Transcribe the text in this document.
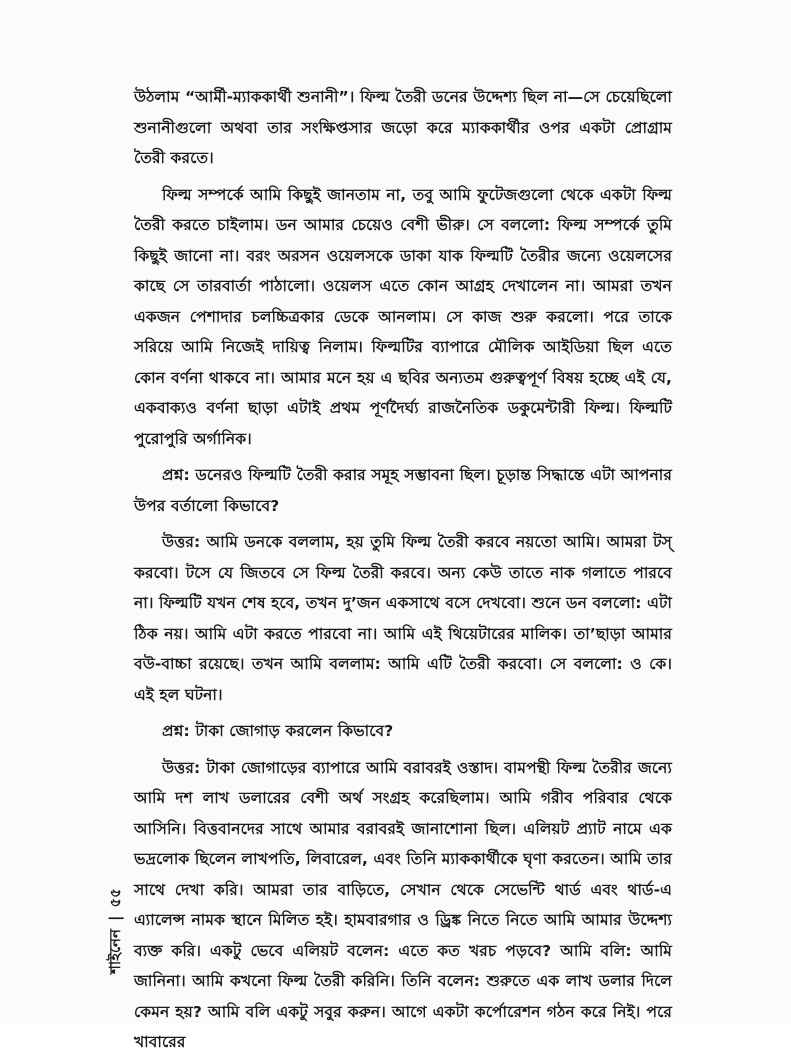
উঠলাম “আর্মী-ম্যাককার্থী শুনানী”। ফিল্ম তৈরী ডনের উদ্দেশ্য ছিল না—সে চেয়েছিলো শুনানীগুলো অথবা তার সংক্ষিপ্তসার জড়ো করে ম্যাককার্থীর ওপর একটা প্রোগ্রাম তৈরী করতে।

ফিল্ম সম্পর্কে আমি কিছুই জানতাম না, তবু আমি ফুটেজগুলো থেকে একটা ফিল্ম তৈরী করতে চাইলাম। ডন আমার চেয়েও বেশী ভীরু। সে বললো: ফিল্ম সম্পর্কে তুমি কিছুই জানো না। বরং অরসন ওয়েলসকে ডাকা যাক ফিল্মটি তৈরীর জন্যে ওয়েলসের কাছে সে তারবার্তা পাঠালো। ওয়েলস এতে কোন আগ্রহ দেখালেন না। আমরা তখন একজন পেশাদার চলচ্চিত্রকার ডেকে আনলাম। সে কাজ শুরু করলো। পরে তাকে সরিয়ে আমি নিজেই দায়িত্ব নিলাম। ফিল্মটির ব্যাপারে মৌলিক আইডিয়া ছিল এতে কোন বর্ণনা থাকবে না। আমার মনে হয় এ ছবির অন্যতম গুরুত্বপূর্ণ বিষয় হচ্ছে এই যে, একবাক্যও বর্ণনা ছাড়া এটাই প্রথম পূর্ণদৈর্ঘ্য রাজনৈতিক ডকুমেন্টারী ফিল্ম। ফিল্মটি পুরোপুরি অর্গানিক।

প্রশ্ন: ডনেরও ফিল্মটি তৈরী করার সমূহ সম্ভাবনা ছিল। চূড়ান্ত সিদ্ধান্তে এটা আপনার উপর বর্তালো কিভাবে?

উত্তর: আমি ডনকে বললাম, হয় তুমি ফিল্ম তৈরী করবে নয়তো আমি। আমরা টস্ করবো। টসে যে জিতবে সে ফিল্ম তৈরী করবে। অন্য কেউ তাতে নাক গলাতে পারবে না। ফিল্মটি যখন শেষ হবে, তখন দু’জন একসাথে বসে দেখবো। শুনে ডন বললো: এটা ঠিক নয়। আমি এটা করতে পারবো না। আমি এই থিয়েটারের মালিক। তা’ছাড়া আমার বউ-বাচ্চা রয়েছে। তখন আমি বললাম: আমি এটি তৈরী করবো। সে বললো: ও কে। এই হল ঘটনা।

প্রশ্ন: টাকা জোগাড় করলেন কিভাবে?

উত্তর: টাকা জোগাড়ের ব্যাপারে আমি বরাবরই ওস্তাদ। বামপন্থী ফিল্ম তৈরীর জন্যে আমি দশ লাখ ডলারের বেশী অর্থ সংগ্রহ করেছিলাম। আমি গরীব পরিবার থেকে আসিনি। বিত্তবানদের সাথে আমার বরাবরই জানাশোনা ছিল। এলিয়ট প্র্যাট নামে এক ভদ্রলোক ছিলেন লাখপতি, লিবারেল, এবং তিনি ম্যাককার্থীকে ঘৃণা করতেন। আমি তার সাথে দেখা করি। আমরা তার বাড়িতে, সেখান থেকে সেভেন্টি থার্ড এবং থার্ড-এ এ্যালেন্স নামক স্থানে মিলিত হই। হামবারগার ও ড্রিঙ্ক নিতে নিতে আমি আমার উদ্দেশ্য ব্যক্ত করি। একটু ভেবে এলিয়ট বলেন: এতে কত খরচ পড়বে? আমি বলি: আমি জানিনা। আমি কখনো ফিল্ম তৈরী করিনি। তিনি বলেন: শুরুতে এক লাখ ডলার দিলে কেমন হয়? আমি বলি একটু সবুর করুন। আগে একটা কর্পোরেশন গঠন করে নিই। পরে খাবারের

শাইনেন|৫৫
